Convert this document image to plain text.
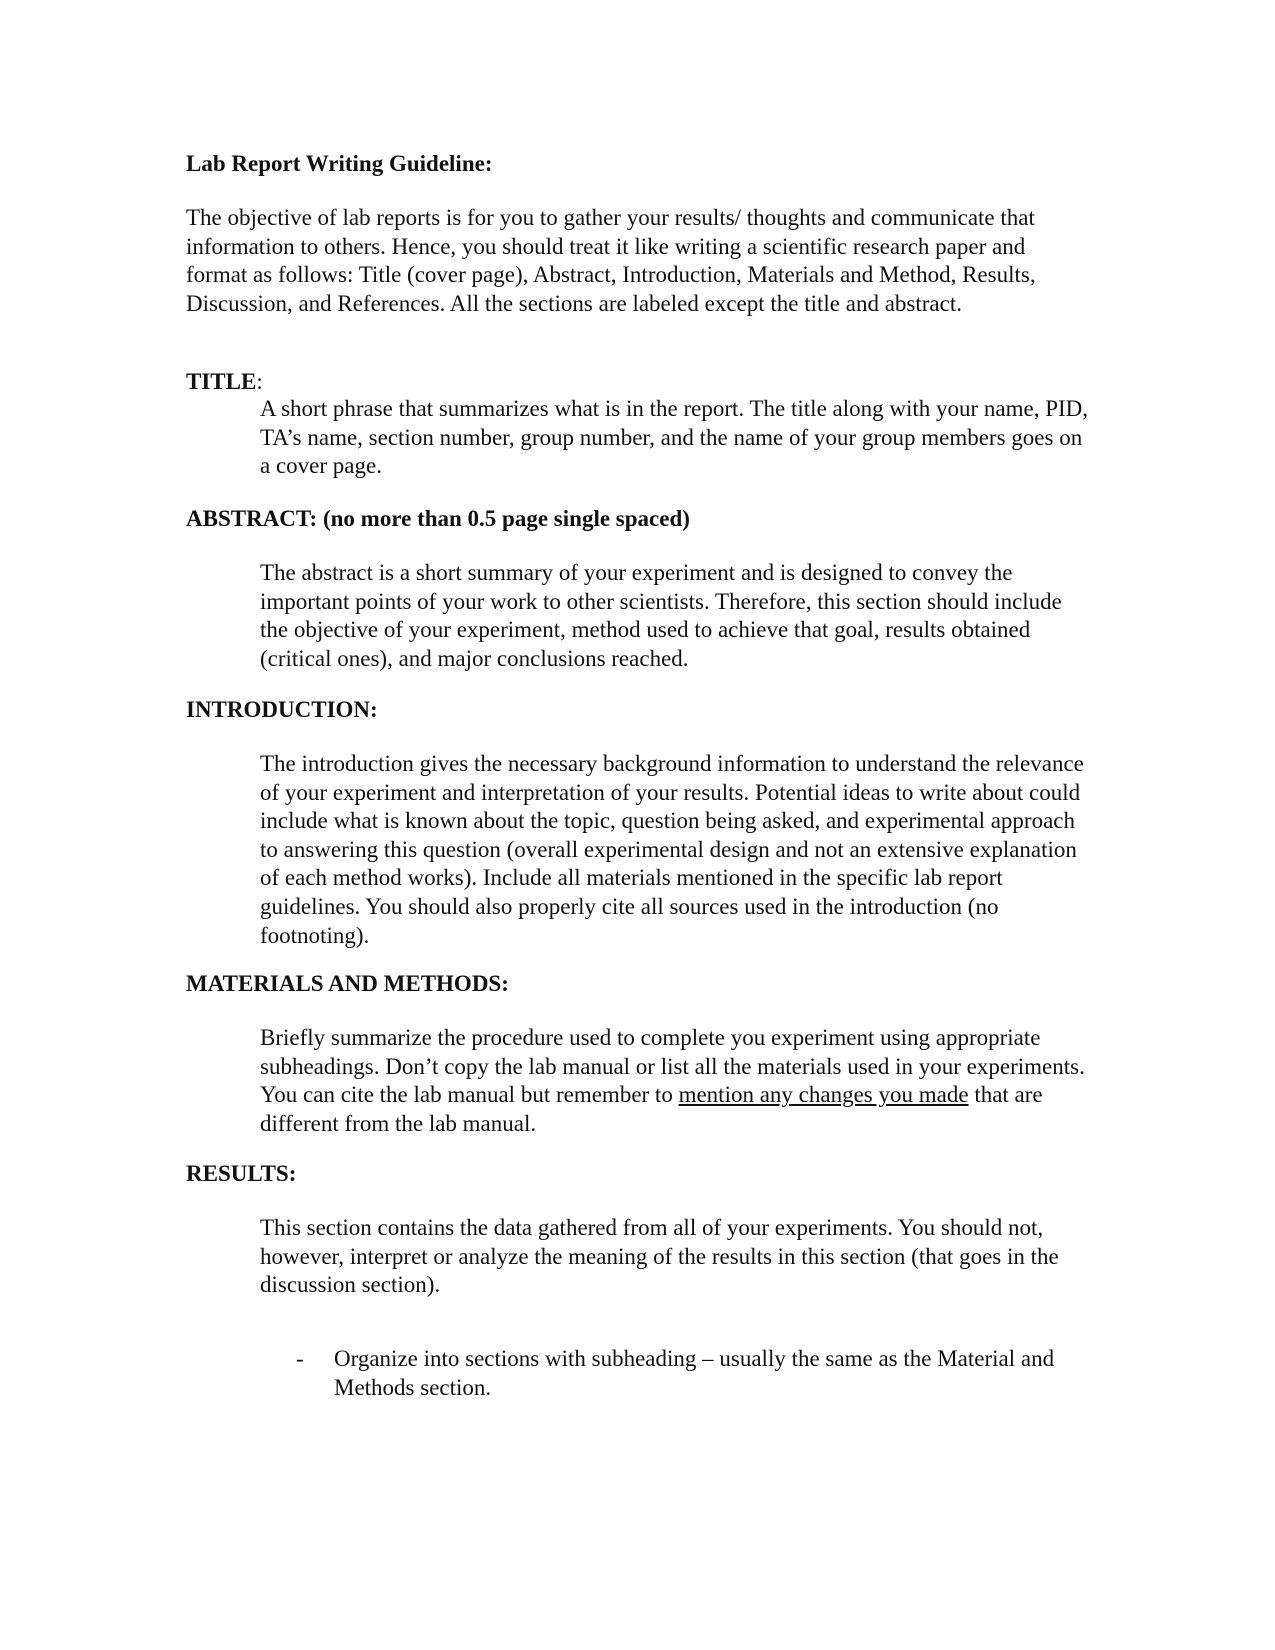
Lab Report Writing Guideline:

The objective of lab reports is for you to gather your results/ thoughts and communicate that information to others. Hence, you should treat it like writing a scientific research paper and format as follows: Title (cover page), Abstract, Introduction, Materials and Method, Results, Discussion, and References. All the sections are labeled except the title and abstract.

TITLE:

A short phrase that summarizes what is in the report. The title along with your name, PID, TA’s name, section number, group number, and the name of your group members goes on a cover page.

ABSTRACT: (no more than 0.5 page single spaced)

The abstract is a short summary of your experiment and is designed to convey the important points of your work to other scientists. Therefore, this section should include the objective of your experiment, method used to achieve that goal, results obtained (critical ones), and major conclusions reached.

INTRODUCTION:

The introduction gives the necessary background information to understand the relevance of your experiment and interpretation of your results. Potential ideas to write about could include what is known about the topic, question being asked, and experimental approach to answering this question (overall experimental design and not an extensive explanation of each method works). Include all materials mentioned in the specific lab report guidelines. You should also properly cite all sources used in the introduction (no footnoting).

MATERIALS AND METHODS:

Briefly summarize the procedure used to complete you experiment using appropriate subheadings. Don’t copy the lab manual or list all the materials used in your experiments. You can cite the lab manual but remember to mention any changes you made that are different from the lab manual.

RESULTS:

This section contains the data gathered from all of your experiments. You should not, however, interpret or analyze the meaning of the results in this section (that goes in the discussion section).

- Organize into sections with subheading – usually the same as the Material and Methods section.
